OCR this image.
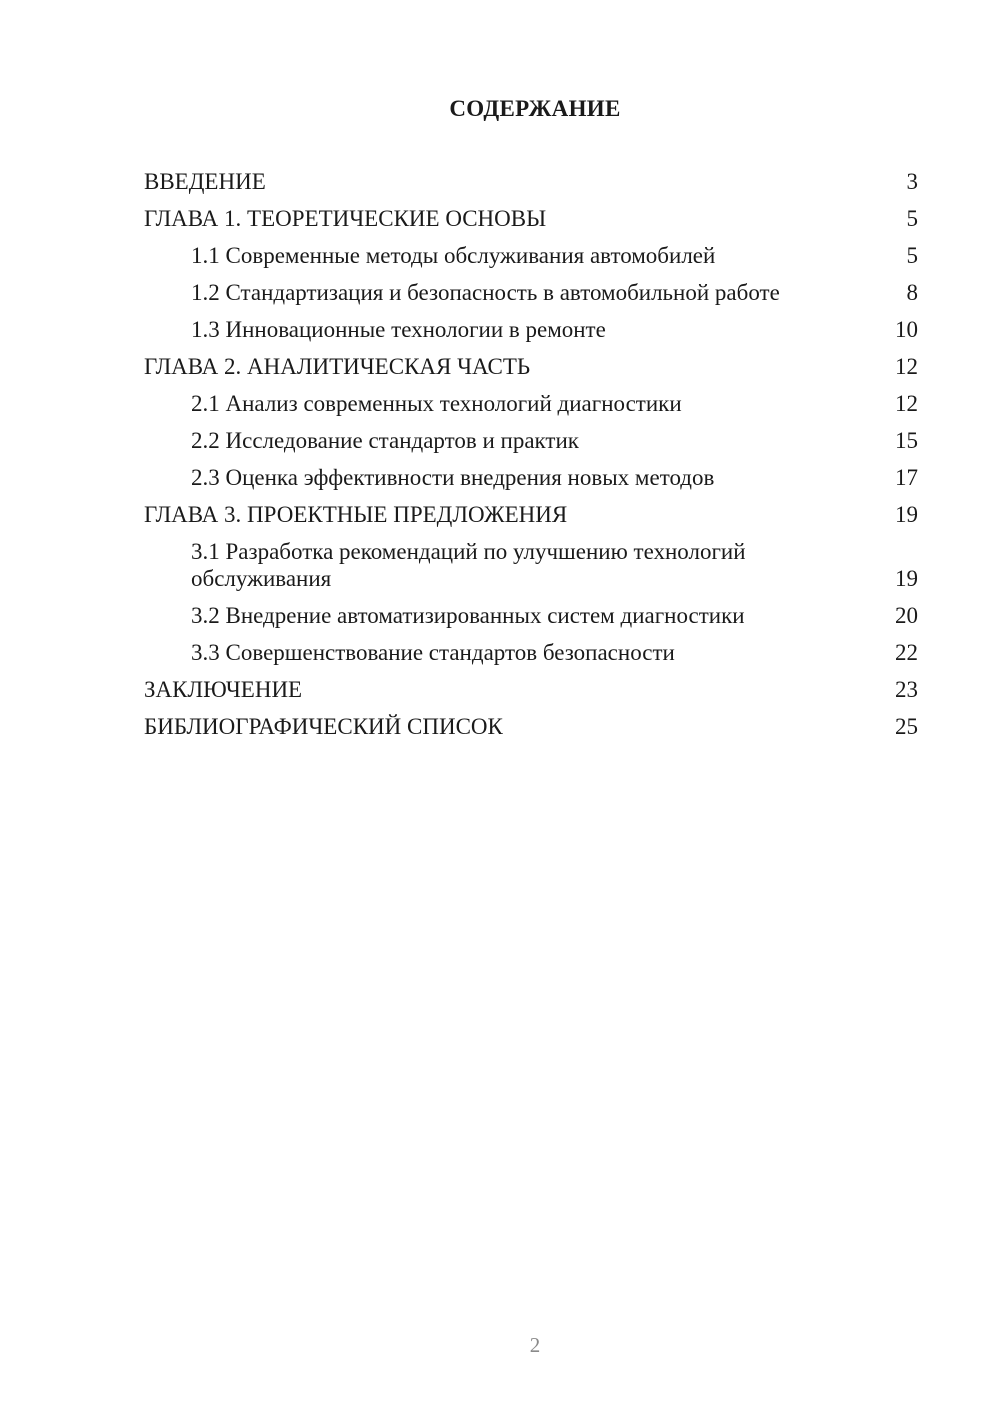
СОДЕРЖАНИЕ
ВВЕДЕНИЕ	3
ГЛАВА 1. ТЕОРЕТИЧЕСКИЕ ОСНОВЫ	5
1.1 Современные методы обслуживания автомобилей	5
1.2 Стандартизация и безопасность в автомобильной работе	8
1.3 Инновационные технологии в ремонте	10
ГЛАВА 2. АНАЛИТИЧЕСКАЯ ЧАСТЬ	12
2.1 Анализ современных технологий диагностики	12
2.2 Исследование стандартов и практик	15
2.3 Оценка эффективности внедрения новых методов	17
ГЛАВА 3. ПРОЕКТНЫЕ ПРЕДЛОЖЕНИЯ	19
3.1 Разработка рекомендаций по улучшению технологий обслуживания	19
3.2 Внедрение автоматизированных систем диагностики	20
3.3 Совершенствование стандартов безопасности	22
ЗАКЛЮЧЕНИЕ	23
БИБЛИОГРАФИЧЕСКИЙ СПИСОК	25
2
